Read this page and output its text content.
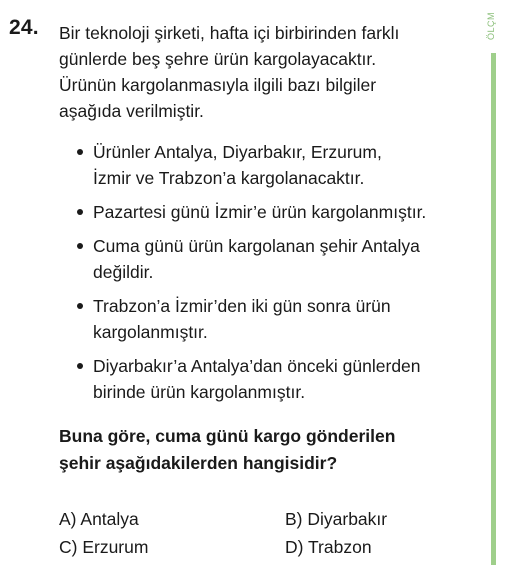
24. Bir teknoloji şirketi, hafta içi birbirinden farklı
günlerde beş şehre ürün kargolayacaktır.
Ürünün kargolanmasıyla ilgili bazı bilgiler
aşağıda verilmiştir.
Ürünler Antalya, Diyarbakır, Erzurum,
İzmir ve Trabzon’a kargolanacaktır.
Pazartesi günü İzmir’e ürün kargolanmıştır.
Cuma günü ürün kargolanan şehir Antalya
değildir.
Trabzon’a İzmir’den iki gün sonra ürün
kargolanmıştır.
Diyarbakır’a Antalya’dan önceki günlerden
birinde ürün kargolanmıştır.
Buna göre, cuma günü kargo gönderilen
şehir aşağıdakilerden hangisidir?
A) Antalya	B) Diyarbakır
C) Erzurum	D) Trabzon
ÖLÇM
